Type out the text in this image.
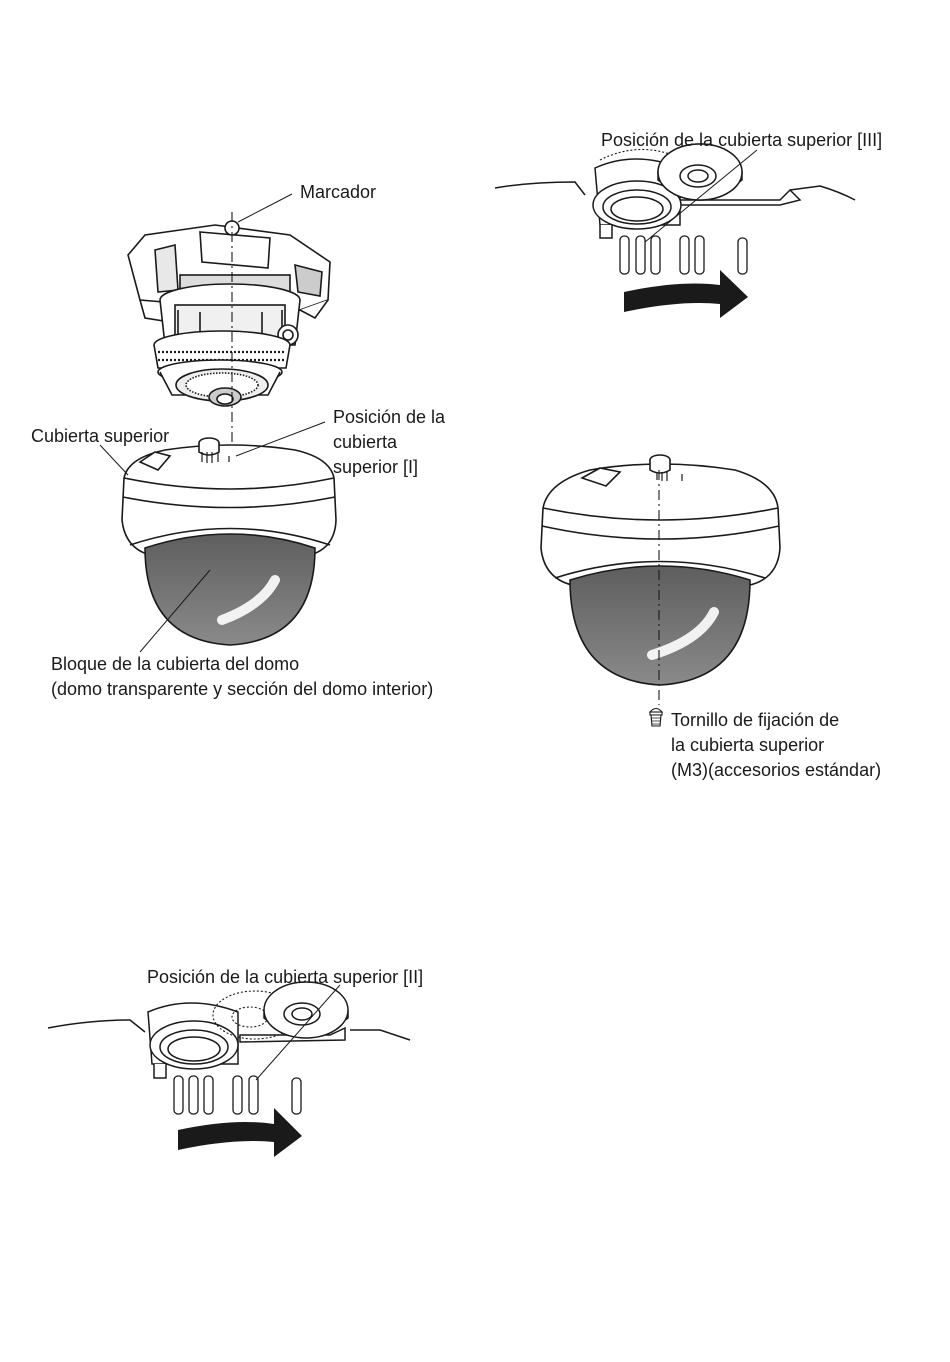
Marcador
Cubierta superior
Posición de la
cubierta
superior [I]
Bloque de la cubierta del domo
(domo transparente y sección del domo interior)
Posición de la cubierta superior [III]
Tornillo de fijación de
la cubierta superior
(M3)(accesorios estándar)
Posición de la cubierta superior [II]
